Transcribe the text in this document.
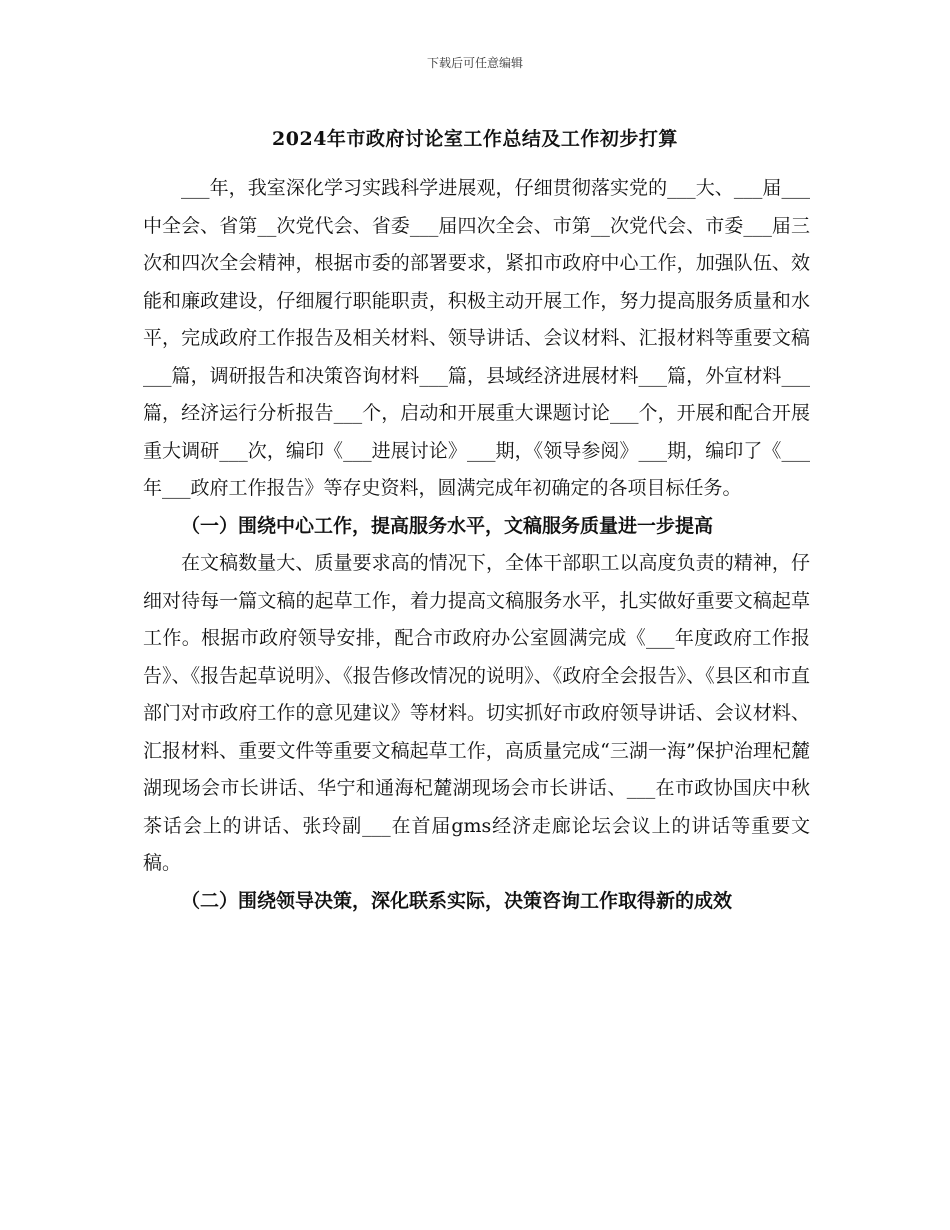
下载后可任意编辑
2024年市政府讨论室工作总结及工作初步打算

___年，我室深化学习实践科学进展观，仔细贯彻落实党的___大、___届___中全会、省第__次党代会、省委___届四次全会、市第__次党代会、市委___届三次和四次全会精神，根据市委的部署要求，紧扣市政府中心工作，加强队伍、效能和廉政建设，仔细履行职能职责，积极主动开展工作，努力提高服务质量和水平，完成政府工作报告及相关材料、领导讲话、会议材料、汇报材料等重要文稿___篇，调研报告和决策咨询材料___篇，县域经济进展材料___篇，外宣材料___篇，经济运行分析报告___个，启动和开展重大课题讨论___个，开展和配合开展重大调研___次，编印《___进展讨论》___期，《领导参阅》___期，编印了《___年___政府工作报告》等存史资料，圆满完成年初确定的各项目标任务。

（一）围绕中心工作，提高服务水平，文稿服务质量进一步提高

在文稿数量大、质量要求高的情况下，全体干部职工以高度负责的精神，仔细对待每一篇文稿的起草工作，着力提高文稿服务水平，扎实做好重要文稿起草工作。根据市政府领导安排，配合市政府办公室圆满完成《___年度政府工作报告》、《报告起草说明》、《报告修改情况的说明》、《政府全会报告》、《县区和市直部门对市政府工作的意见建议》等材料。切实抓好市政府领导讲话、会议材料、汇报材料、重要文件等重要文稿起草工作，高质量完成“三湖一海”保护治理杞麓湖现场会市长讲话、华宁和通海杞麓湖现场会市长讲话、___在市政协国庆中秋茶话会上的讲话、张玲副___在首届gms经济走廊论坛会议上的讲话等重要文稿。

（二）围绕领导决策，深化联系实际，决策咨询工作取得新的成效
